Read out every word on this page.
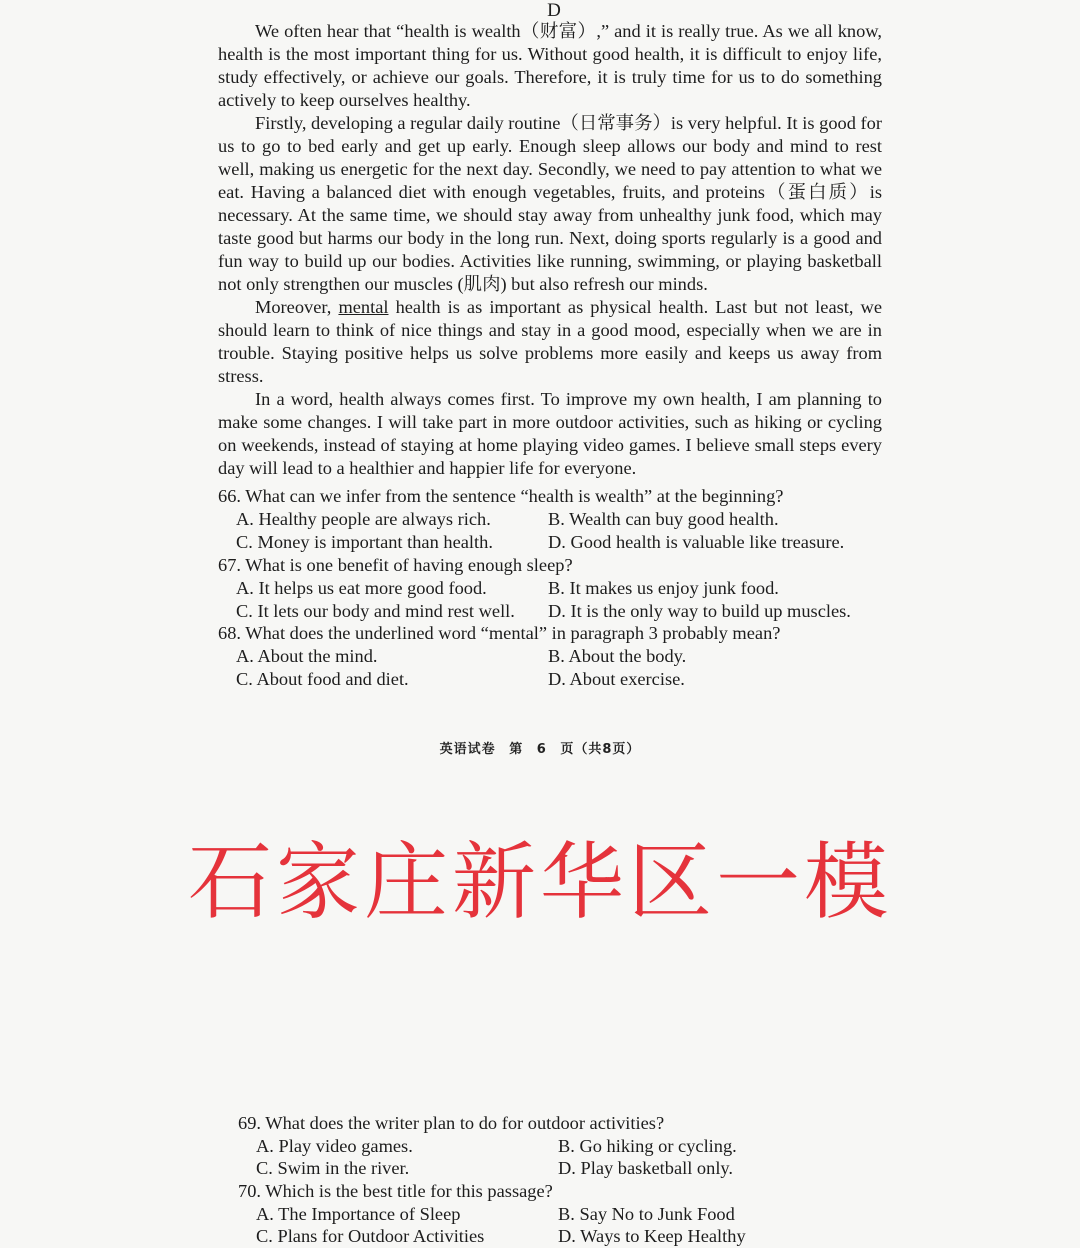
D

We often hear that “health is wealth（财富）,” and it is really true. As we all know, health is the most important thing for us. Without good health, it is difficult to enjoy life, study effectively, or achieve our goals. Therefore, it is truly time for us to do something actively to keep ourselves healthy.

Firstly, developing a regular daily routine（日常事务）is very helpful. It is good for us to go to bed early and get up early. Enough sleep allows our body and mind to rest well, making us energetic for the next day. Secondly, we need to pay attention to what we eat. Having a balanced diet with enough vegetables, fruits, and proteins（蛋白质）is necessary. At the same time, we should stay away from unhealthy junk food, which may taste good but harms our body in the long run. Next, doing sports regularly is a good and fun way to build up our bodies. Activities like running, swimming, or playing basketball not only strengthen our muscles (肌肉) but also refresh our minds.

Moreover, mental health is as important as physical health. Last but not least, we should learn to think of nice things and stay in a good mood, especially when we are in trouble. Staying positive helps us solve problems more easily and keeps us away from stress.

In a word, health always comes first. To improve my own health, I am planning to make some changes. I will take part in more outdoor activities, such as hiking or cycling on weekends, instead of staying at home playing video games. I believe small steps every day will lead to a healthier and happier life for everyone.

66. What can we infer from the sentence “health is wealth” at the beginning?
A. Healthy people are always rich.	B. Wealth can buy good health.
C. Money is important than health.	D. Good health is valuable like treasure.
67. What is one benefit of having enough sleep?
A. It helps us eat more good food.	B. It makes us enjoy junk food.
C. It lets our body and mind rest well.	D. It is the only way to build up muscles.
68. What does the underlined word “mental” in paragraph 3 probably mean?
A. About the mind.	B. About the body.
C. About food and diet.	D. About exercise.
英语试卷 第 6 页（共8页）
石家庄新华区一模
69. What does the writer plan to do for outdoor activities?
A. Play video games.	B. Go hiking or cycling.
C. Swim in the river.	D. Play basketball only.
70. Which is the best title for this passage?
A. The Importance of Sleep	B. Say No to Junk Food
C. Plans for Outdoor Activities	D. Ways to Keep Healthy
